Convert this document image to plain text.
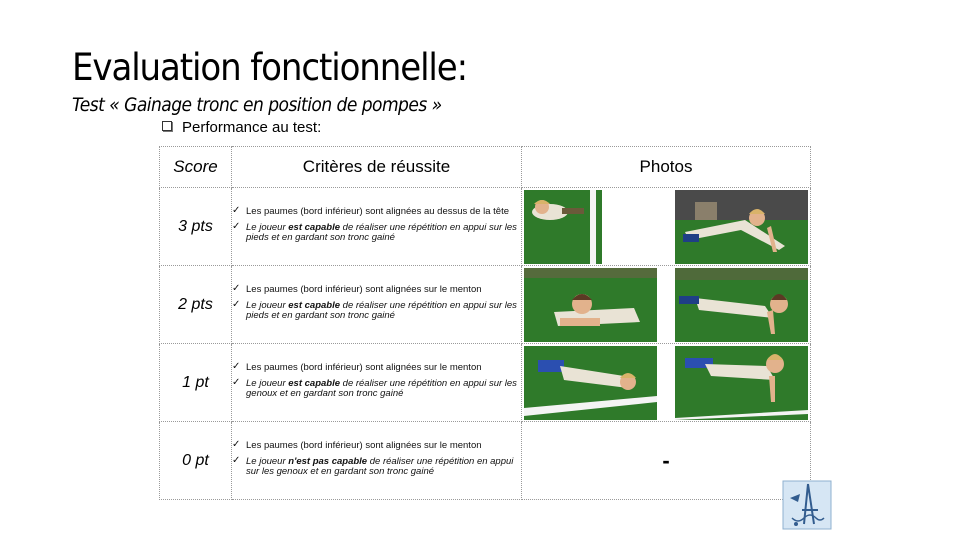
Evaluation fonctionnelle:
Test « Gainage tronc en position de pompes »
Performance au test:
Score	Critères de réussite	Photos
3 pts	✓ Les paumes (bord inférieur) sont alignées au dessus de la tête
✓ Le joueur est capable de réaliser une répétition en appui sur les pieds et en gardant son tronc gainé

2 pts	✓ Les paumes (bord inférieur) sont alignées sur le menton
✓ Le joueur est capable de réaliser une répétition en appui sur les pieds et en gardant son tronc gainé

1 pt	✓ Les paumes (bord inférieur) sont alignées sur le menton
✓ Le joueur est capable de réaliser une répétition en appui sur les genoux et en gardant son tronc gainé

0 pt	✓ Les paumes (bord inférieur) sont alignées sur le menton
✓ Le joueur n'est pas capable de réaliser une répétition en appui sur les genoux et en gardant son tronc gainé	-
